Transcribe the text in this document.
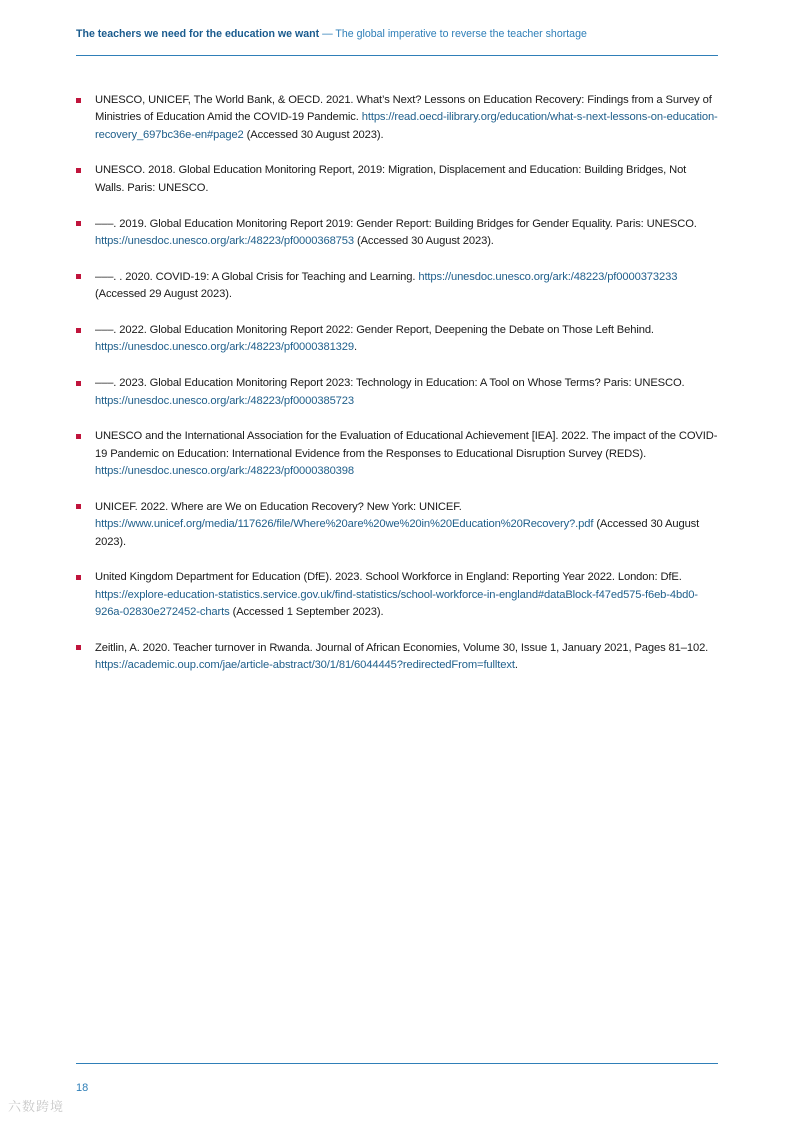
The teachers we need for the education we want — The global imperative to reverse the teacher shortage
UNESCO, UNICEF, The World Bank, & OECD. 2021. What’s Next? Lessons on Education Recovery: Findings from a Survey of Ministries of Education Amid the COVID-19 Pandemic. https://read.oecd-ilibrary.org/education/what-s-next-lessons-on-education-recovery_697bc36e-en#page2 (Accessed 30 August 2023).
UNESCO. 2018. Global Education Monitoring Report, 2019: Migration, Displacement and Education: Building Bridges, Not Walls. Paris: UNESCO.
–––. 2019. Global Education Monitoring Report 2019: Gender Report: Building Bridges for Gender Equality. Paris: UNESCO. https://unesdoc.unesco.org/ark:/48223/pf0000368753 (Accessed 30 August 2023).
–––. . 2020. COVID-19: A Global Crisis for Teaching and Learning. https://unesdoc.unesco.org/ark:/48223/pf0000373233 (Accessed 29 August 2023).
–––. 2022. Global Education Monitoring Report 2022: Gender Report, Deepening the Debate on Those Left Behind. https://unesdoc.unesco.org/ark:/48223/pf0000381329.
–––. 2023. Global Education Monitoring Report 2023: Technology in Education: A Tool on Whose Terms? Paris: UNESCO. https://unesdoc.unesco.org/ark:/48223/pf0000385723
UNESCO and the International Association for the Evaluation of Educational Achievement [IEA]. 2022. The impact of the COVID-19 Pandemic on Education: International Evidence from the Responses to Educational Disruption Survey (REDS). https://unesdoc.unesco.org/ark:/48223/pf0000380398
UNICEF. 2022. Where are We on Education Recovery? New York: UNICEF. https://www.unicef.org/media/117626/file/Where%20are%20we%20in%20Education%20Recovery?.pdf (Accessed 30 August 2023).
United Kingdom Department for Education (DfE). 2023. School Workforce in England: Reporting Year 2022. London: DfE. https://explore-education-statistics.service.gov.uk/find-statistics/school-workforce-in-england#dataBlock-f47ed575-f6eb-4bd0-926a-02830e272452-charts (Accessed 1 September 2023).
Zeitlin, A. 2020. Teacher turnover in Rwanda. Journal of African Economies, Volume 30, Issue 1, January 2021, Pages 81–102. https://academic.oup.com/jae/article-abstract/30/1/81/6044445?redirectedFrom=fulltext.
18
六数跨境
